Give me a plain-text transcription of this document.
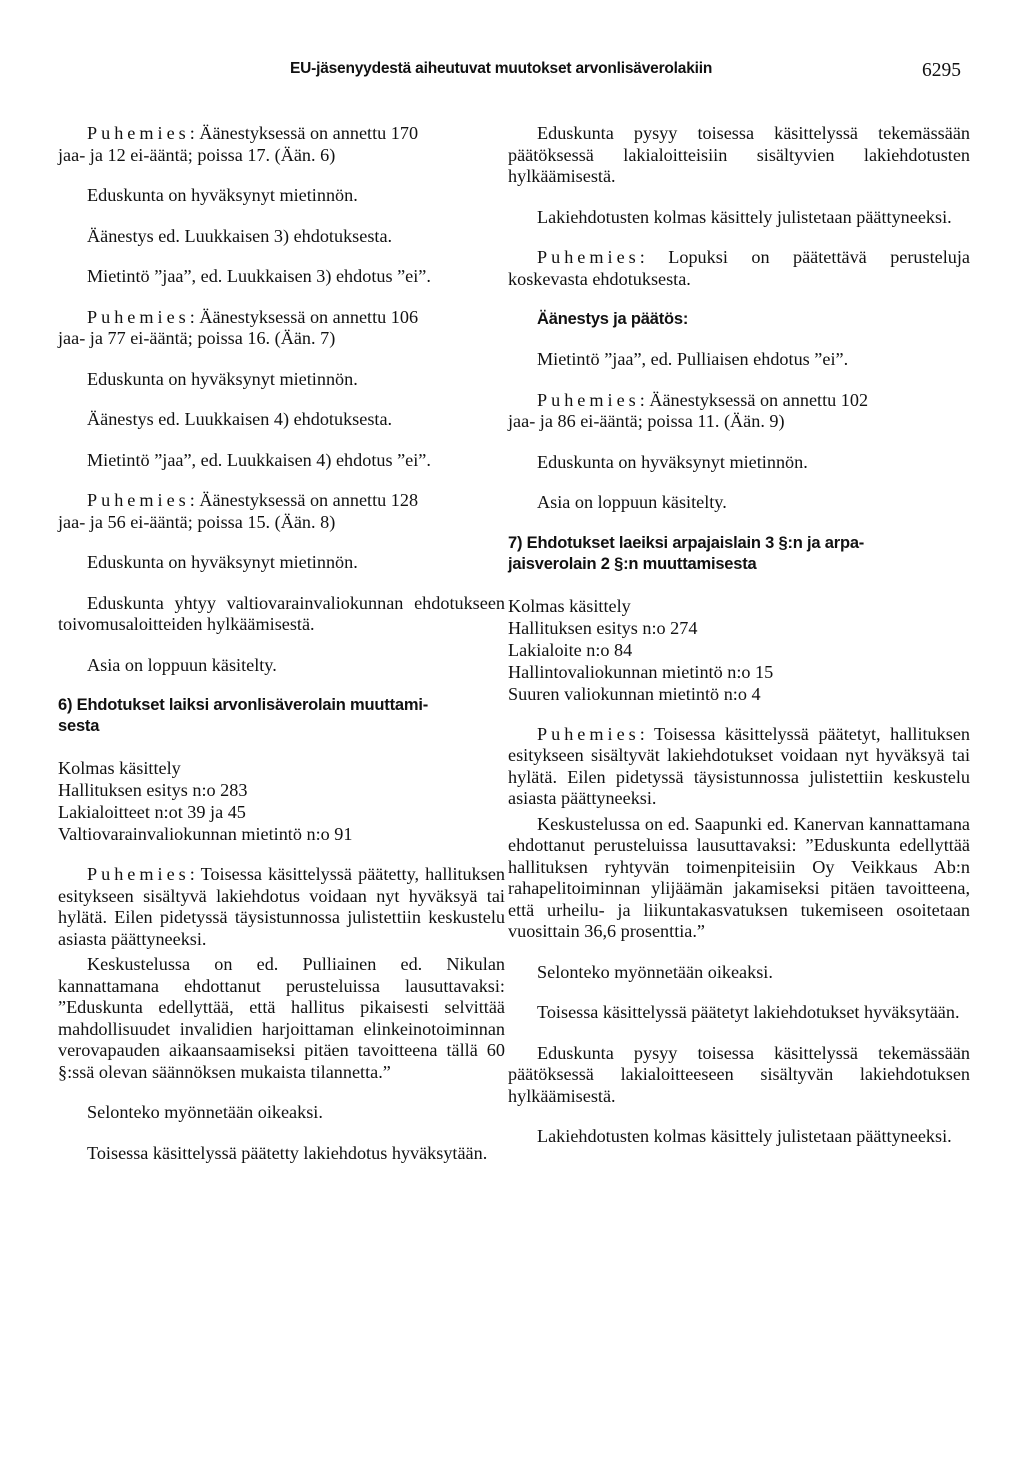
EU-jäsenyydestä aiheutuvat muutokset arvonlisäverolakiin	6295

Puhemies: Äänestyksessä on annettu 170
jaa- ja 12 ei-ääntä; poissa 17. (Ään. 6)

Eduskunta on hyväksynyt mietinnön.

Äänestys ed. Luukkaisen 3) ehdotuksesta.

Mietintö ”jaa”, ed. Luukkaisen 3) ehdotus ”ei”.

Puhemies: Äänestyksessä on annettu 106
jaa- ja 77 ei-ääntä; poissa 16. (Ään. 7)

Eduskunta on hyväksynyt mietinnön.

Äänestys ed. Luukkaisen 4) ehdotuksesta.

Mietintö ”jaa”, ed. Luukkaisen 4) ehdotus ”ei”.

Puhemies: Äänestyksessä on annettu 128
jaa- ja 56 ei-ääntä; poissa 15. (Ään. 8)

Eduskunta on hyväksynyt mietinnön.

Eduskunta yhtyy valtiovarainvaliokunnan ehdotukseen toivomusaloitteiden hylkäämisestä.

Asia on loppuun käsitelty.

6) Ehdotukset laiksi arvonlisäverolain muuttami-
sesta
Kolmas käsittely
Hallituksen esitys n:o 283
Lakialoitteet n:ot 39 ja 45
Valtiovarainvaliokunnan mietintö n:o 91

Puhemies: Toisessa käsittelyssä päätetty, hallituksen esitykseen sisältyvä lakiehdotus voidaan nyt hyväksyä tai hylätä. Eilen pidetyssä täysistunnossa julistettiin keskustelu asiasta päättyneeksi.

Keskustelussa on ed. Pulliainen ed. Nikulan kannattamana ehdottanut perusteluissa lausuttavaksi: ”Eduskunta edellyttää, että hallitus pikaisesti selvittää mahdollisuudet invalidien harjoittaman elinkeinotoiminnan verovapauden aikaansaamiseksi pitäen tavoitteena tällä 60 §:ssä olevan säännöksen mukaista tilannetta.”

Selonteko myönnetään oikeaksi.

Toisessa käsittelyssä päätetty lakiehdotus hyväksytään.

Eduskunta pysyy toisessa käsittelyssä tekemässään päätöksessä lakialoitteisiin sisältyvien lakiehdotusten hylkäämisestä.

Lakiehdotusten kolmas käsittely julistetaan päättyneeksi.

Puhemies: Lopuksi on päätettävä perusteluja koskevasta ehdotuksesta.

Äänestys ja päätös:

Mietintö ”jaa”, ed. Pulliaisen ehdotus ”ei”.

Puhemies: Äänestyksessä on annettu 102
jaa- ja 86 ei-ääntä; poissa 11. (Ään. 9)

Eduskunta on hyväksynyt mietinnön.

Asia on loppuun käsitelty.

7) Ehdotukset laeiksi arpajaislain 3 §:n ja arpa-
jaisverolain 2 §:n muuttamisesta
Kolmas käsittely
Hallituksen esitys n:o 274
Lakialoite n:o 84
Hallintovaliokunnan mietintö n:o 15
Suuren valiokunnan mietintö n:o 4

Puhemies: Toisessa käsittelyssä päätetyt, hallituksen esitykseen sisältyvät lakiehdotukset voidaan nyt hyväksyä tai hylätä. Eilen pidetyssä täysistunnossa julistettiin keskustelu asiasta päättyneeksi.

Keskustelussa on ed. Saapunki ed. Kanervan kannattamana ehdottanut perusteluissa lausuttavaksi: ”Eduskunta edellyttää hallituksen ryhtyvän toimenpiteisiin Oy Veikkaus Ab:n rahapelitoiminnan ylijäämän jakamiseksi pitäen tavoitteena, että urheilu- ja liikuntakasvatuksen tukemiseen osoitetaan vuosittain 36,6 prosenttia.”

Selonteko myönnetään oikeaksi.

Toisessa käsittelyssä päätetyt lakiehdotukset hyväksytään.

Eduskunta pysyy toisessa käsittelyssä tekemässään päätöksessä lakialoitteeseen sisältyvän lakiehdotuksen hylkäämisestä.

Lakiehdotusten kolmas käsittely julistetaan päättyneeksi.
